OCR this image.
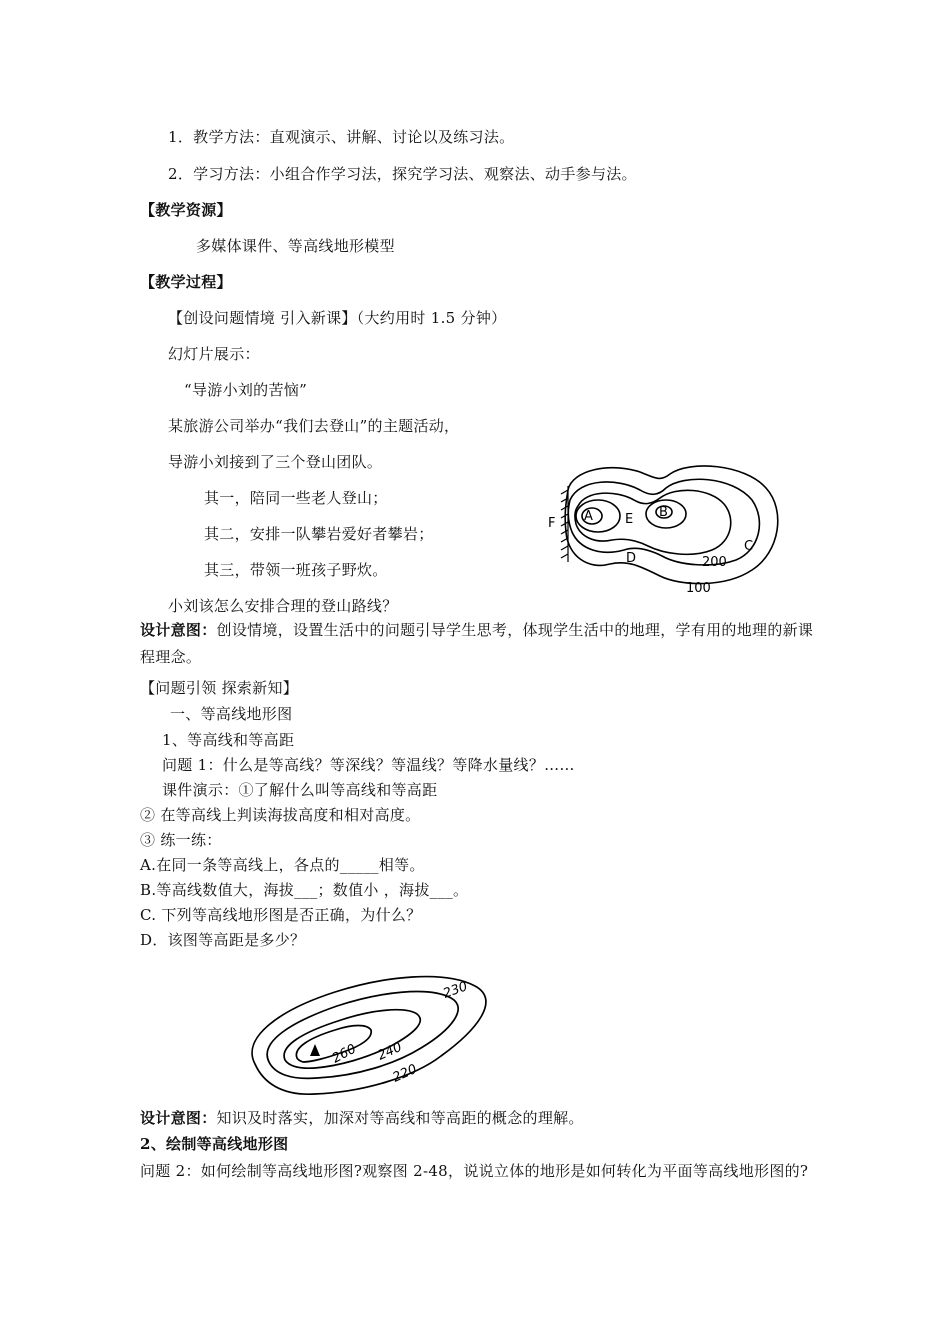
1．教学方法：直观演示、讲解、讨论以及练习法。
2．学习方法：小组合作学习法，探究学习法、观察法、动手参与法。
【教学资源】
多媒体课件、等高线地形模型
【教学过程】
【创设问题情境 引入新课】（大约用时 1.5 分钟）
幻灯片展示：
“导游小刘的苦恼”
某旅游公司举办“我们去登山”的主题活动，
导游小刘接到了三个登山团队。
其一，陪同一些老人登山；
其二，安排一队攀岩爱好者攀岩；
其三，带领一班孩子野炊。
小刘该怎么安排合理的登山路线？
设计意图：创设情境，设置生活中的问题引导学生思考，体现学生活中的地理，学有用的地理的新课程理念。
【问题引领 探索新知】
一、等高线地形图
1、等高线和等高距
问题 1：什么是等高线？等深线？等温线？等降水量线？……
课件演示：①了解什么叫等高线和等高距
② 在等高线上判读海拔高度和相对高度。
③ 练一练：
A.在同一条等高线上，各点的_____相等。
B.等高线数值大，海拔___；数值小 ，海拔___。
C. 下列等高线地形图是否正确，为什么？
D．该图等高距是多少？
设计意图：知识及时落实，加深对等高线和等高距的概念的理解。
2、绘制等高线地形图
问题 2：如何绘制等高线地形图?观察图 2-48，说说立体的地形是如何转化为平面等高线地形图的?
A	B
C
D
E
F
200
100
230
260 240
220
